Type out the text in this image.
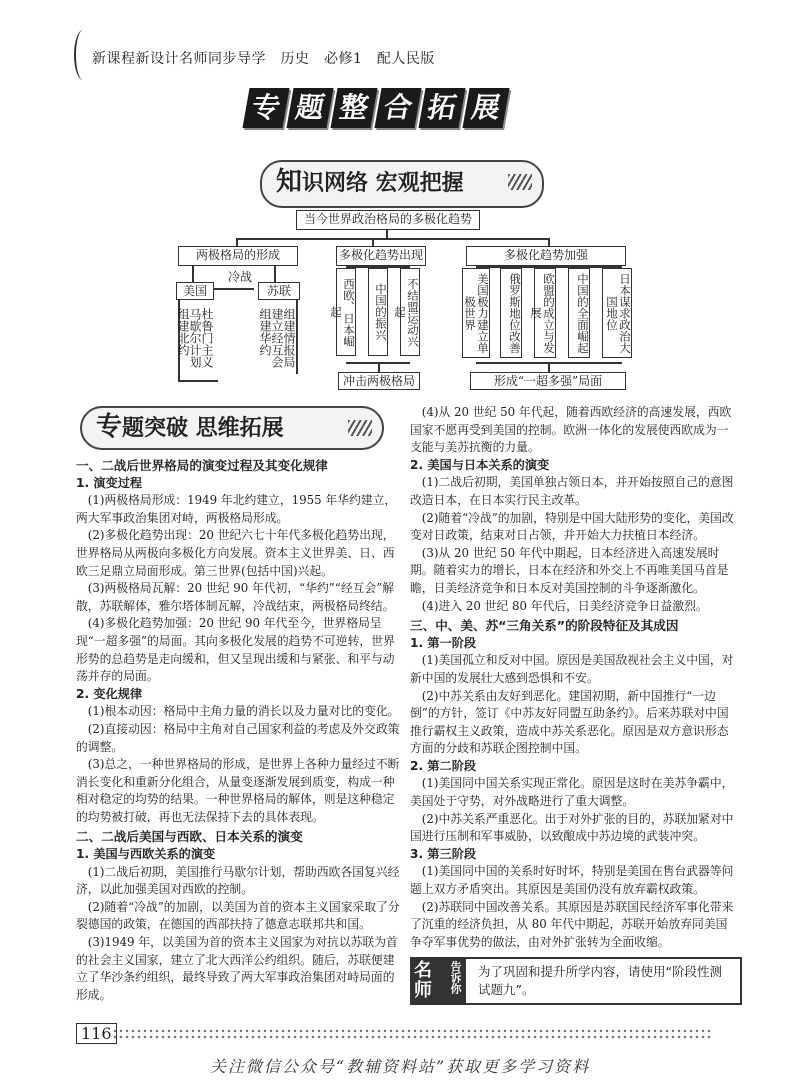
新课程新设计名师同步导学　历史　必修1　配人民版
专 题 整 合 拓 展
知识网络 宏观把握
当今世界政治格局的多极化趋势
两极格局的形成
冷战
美国	苏联
杜鲁门主义
马歇尔计划
组建北约	组建情报局
建立经互会
组建华约
多极化趋势出现
西欧、日本崛起	中国的振兴	不结盟运动兴起
冲击两极格局
多极化趋势加强
美国极力建立单极世界	俄罗斯地位改善	欧盟的成立与发展	中国的全面崛起	日本谋求政治大国地位
形成“一超多强”局面
专题突破 思维拓展

一、二战后世界格局的演变过程及其变化规律

1. 演变过程

(1)两极格局形成：1949 年北约建立，1955 年华约建立，两大军事政治集团对峙，两极格局形成。

(2)多极化趋势出现：20 世纪六七十年代多极化趋势出现，世界格局从两极向多极化方向发展。资本主义世界美、日、西欧三足鼎立局面形成。第三世界(包括中国)兴起。

(3)两极格局瓦解：20 世纪 90 年代初，“华约”“经互会”解散，苏联解体，雅尔塔体制瓦解，冷战结束，两极格局终结。

(4)多极化趋势加强：20 世纪 90 年代至今，世界格局呈现“一超多强”的局面。其向多极化发展的趋势不可逆转，世界形势的总趋势是走向缓和，但又呈现出缓和与紧张、和平与动荡并存的局面。

2. 变化规律

(1)根本动因：格局中主角力量的消长以及力量对比的变化。

(2)直接动因：格局中主角对自己国家利益的考虑及外交政策的调整。

(3)总之，一种世界格局的形成，是世界上各种力量经过不断消长变化和重新分化组合，从量变逐渐发展到质变，构成一种相对稳定的均势的结果。一种世界格局的解体，则是这种稳定的均势被打破，再也无法保持下去的具体表现。

二、二战后美国与西欧、日本关系的演变

1. 美国与西欧关系的演变

(1)二战后初期，美国推行马歇尔计划，帮助西欧各国复兴经济，以此加强美国对西欧的控制。

(2)随着“冷战”的加剧，以美国为首的资本主义国家采取了分裂德国的政策，在德国的西部扶持了德意志联邦共和国。

(3)1949 年，以美国为首的资本主义国家为对抗以苏联为首的社会主义国家，建立了北大西洋公约组织。随后，苏联便建立了华沙条约组织，最终导致了两大军事政治集团对峙局面的形成。

(4)从 20 世纪 50 年代起，随着西欧经济的高速发展，西欧国家不愿再受到美国的控制。欧洲一体化的发展使西欧成为一支能与美苏抗衡的力量。

2. 美国与日本关系的演变

(1)二战后初期，美国单独占领日本，并开始按照自己的意图改造日本，在日本实行民主改革。

(2)随着“冷战”的加剧，特别是中国大陆形势的变化，美国改变对日政策，结束对日占领，并开始大力扶植日本经济。

(3)从 20 世纪 50 年代中期起，日本经济进入高速发展时期。随着实力的增长，日本在经济和外交上不再唯美国马首是瞻，日美经济竞争和日本反对美国控制的斗争逐渐激化。

(4)进入 20 世纪 80 年代后，日美经济竞争日益激烈。

三、中、美、苏“三角关系”的阶段特征及其成因

1. 第一阶段

(1)美国孤立和反对中国。原因是美国敌视社会主义中国，对新中国的发展壮大感到恐惧和不安。

(2)中苏关系由友好到恶化。建国初期，新中国推行“一边倒”的方针，签订《中苏友好同盟互助条约》。后来苏联对中国推行霸权主义政策，造成中苏关系恶化。原因是双方意识形态方面的分歧和苏联企图控制中国。

2. 第二阶段

(1)美国同中国关系实现正常化。原因是这时在美苏争霸中，美国处于守势，对外战略进行了重大调整。

(2)中苏关系严重恶化。出于对外扩张的目的，苏联加紧对中国进行压制和军事威胁，以致酿成中苏边境的武装冲突。

3. 第三阶段

(1)美国同中国的关系时好时坏，特别是美国在售台武器等问题上双方矛盾突出。其原因是美国仍没有放弃霸权政策。

(2)苏联同中国改善关系。其原因是苏联国民经济军事化带来了沉重的经济负担，从 80 年代中期起，苏联开始放弃同美国争夺军事优势的做法，由对外扩张转为全面收缩。

名师	告诉你 为了巩固和提升所学内容，请使用“阶段性测试题九”。
116
关注微信公众号“教辅资料站”获取更多学习资料
